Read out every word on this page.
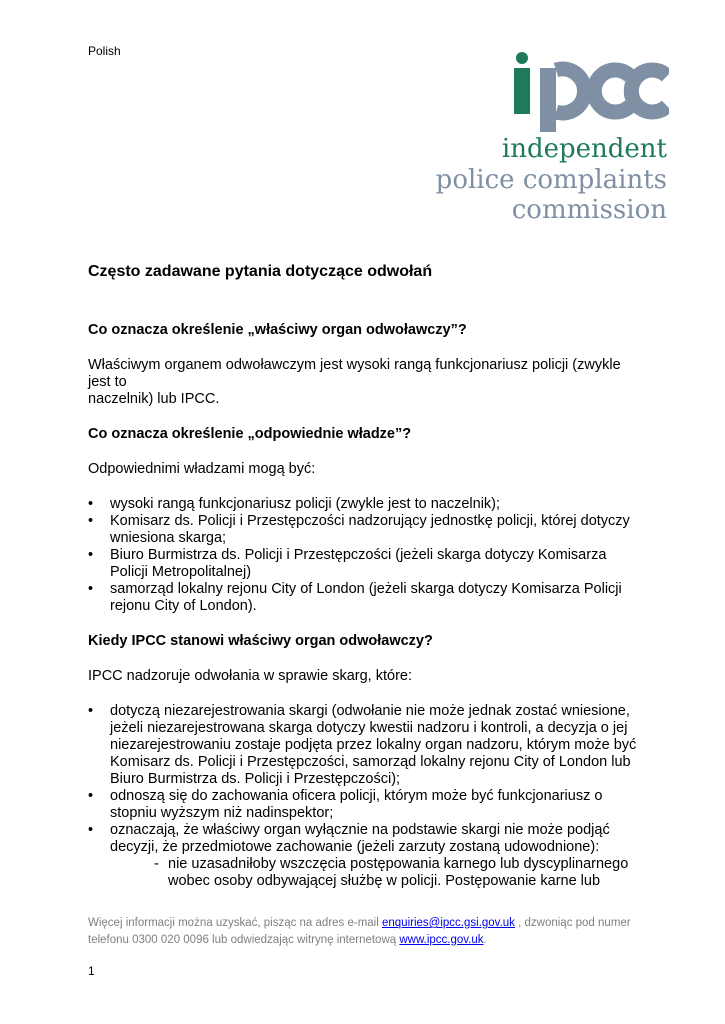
Polish
independent
police complaints
commission
Często zadawane pytania dotyczące odwołań
Co oznacza określenie „właściwy organ odwoławczy”?

Właściwym organem odwoławczym jest wysoki rangą funkcjonariusz policji (zwykle
jest to
naczelnik) lub IPCC.

Co oznacza określenie „odpowiednie władze”?

Odpowiednimi władzami mogą być:

• wysoki rangą funkcjonariusz policji (zwykle jest to naczelnik);
• Komisarz ds. Policji i Przestępczości nadzorujący jednostkę policji, której dotyczy wniesiona skarga;
• Biuro Burmistrza ds. Policji i Przestępczości (jeżeli skarga dotyczy Komisarza Policji Metropolitalnej)
• samorząd lokalny rejonu City of London (jeżeli skarga dotyczy Komisarza Policji rejonu City of London).
Kiedy IPCC stanowi właściwy organ odwoławczy?

IPCC nadzoruje odwołania w sprawie skarg, które:

• dotyczą niezarejestrowania skargi (odwołanie nie może jednak zostać wniesione, jeżeli niezarejestrowana skarga dotyczy kwestii nadzoru i kontroli, a decyzja o jej niezarejestrowaniu zostaje podjęta przez lokalny organ nadzoru, którym może być Komisarz ds. Policji i Przestępczości, samorząd lokalny rejonu City of London lub Biuro Burmistrza ds. Policji i Przestępczości);
• odnoszą się do zachowania oficera policji, którym może być funkcjonariusz o stopniu wyższym niż nadinspektor;
• oznaczają, że właściwy organ wyłącznie na podstawie skargi nie może podjąć decyzji, że przedmiotowe zachowanie (jeżeli zarzuty zostaną udowodnione):
- nie uzasadniłoby wszczęcia postępowania karnego lub dyscyplinarnego
wobec osoby odbywającej służbę w policji. Postępowanie karne lub
Więcej informacji można uzyskać, pisząc na adres e-mail enquiries@ipcc.gsi.gov.uk , dzwoniąc pod numer telefonu 0300 020 0096 lub odwiedzając witrynę internetową www.ipcc.gov.uk.
1
